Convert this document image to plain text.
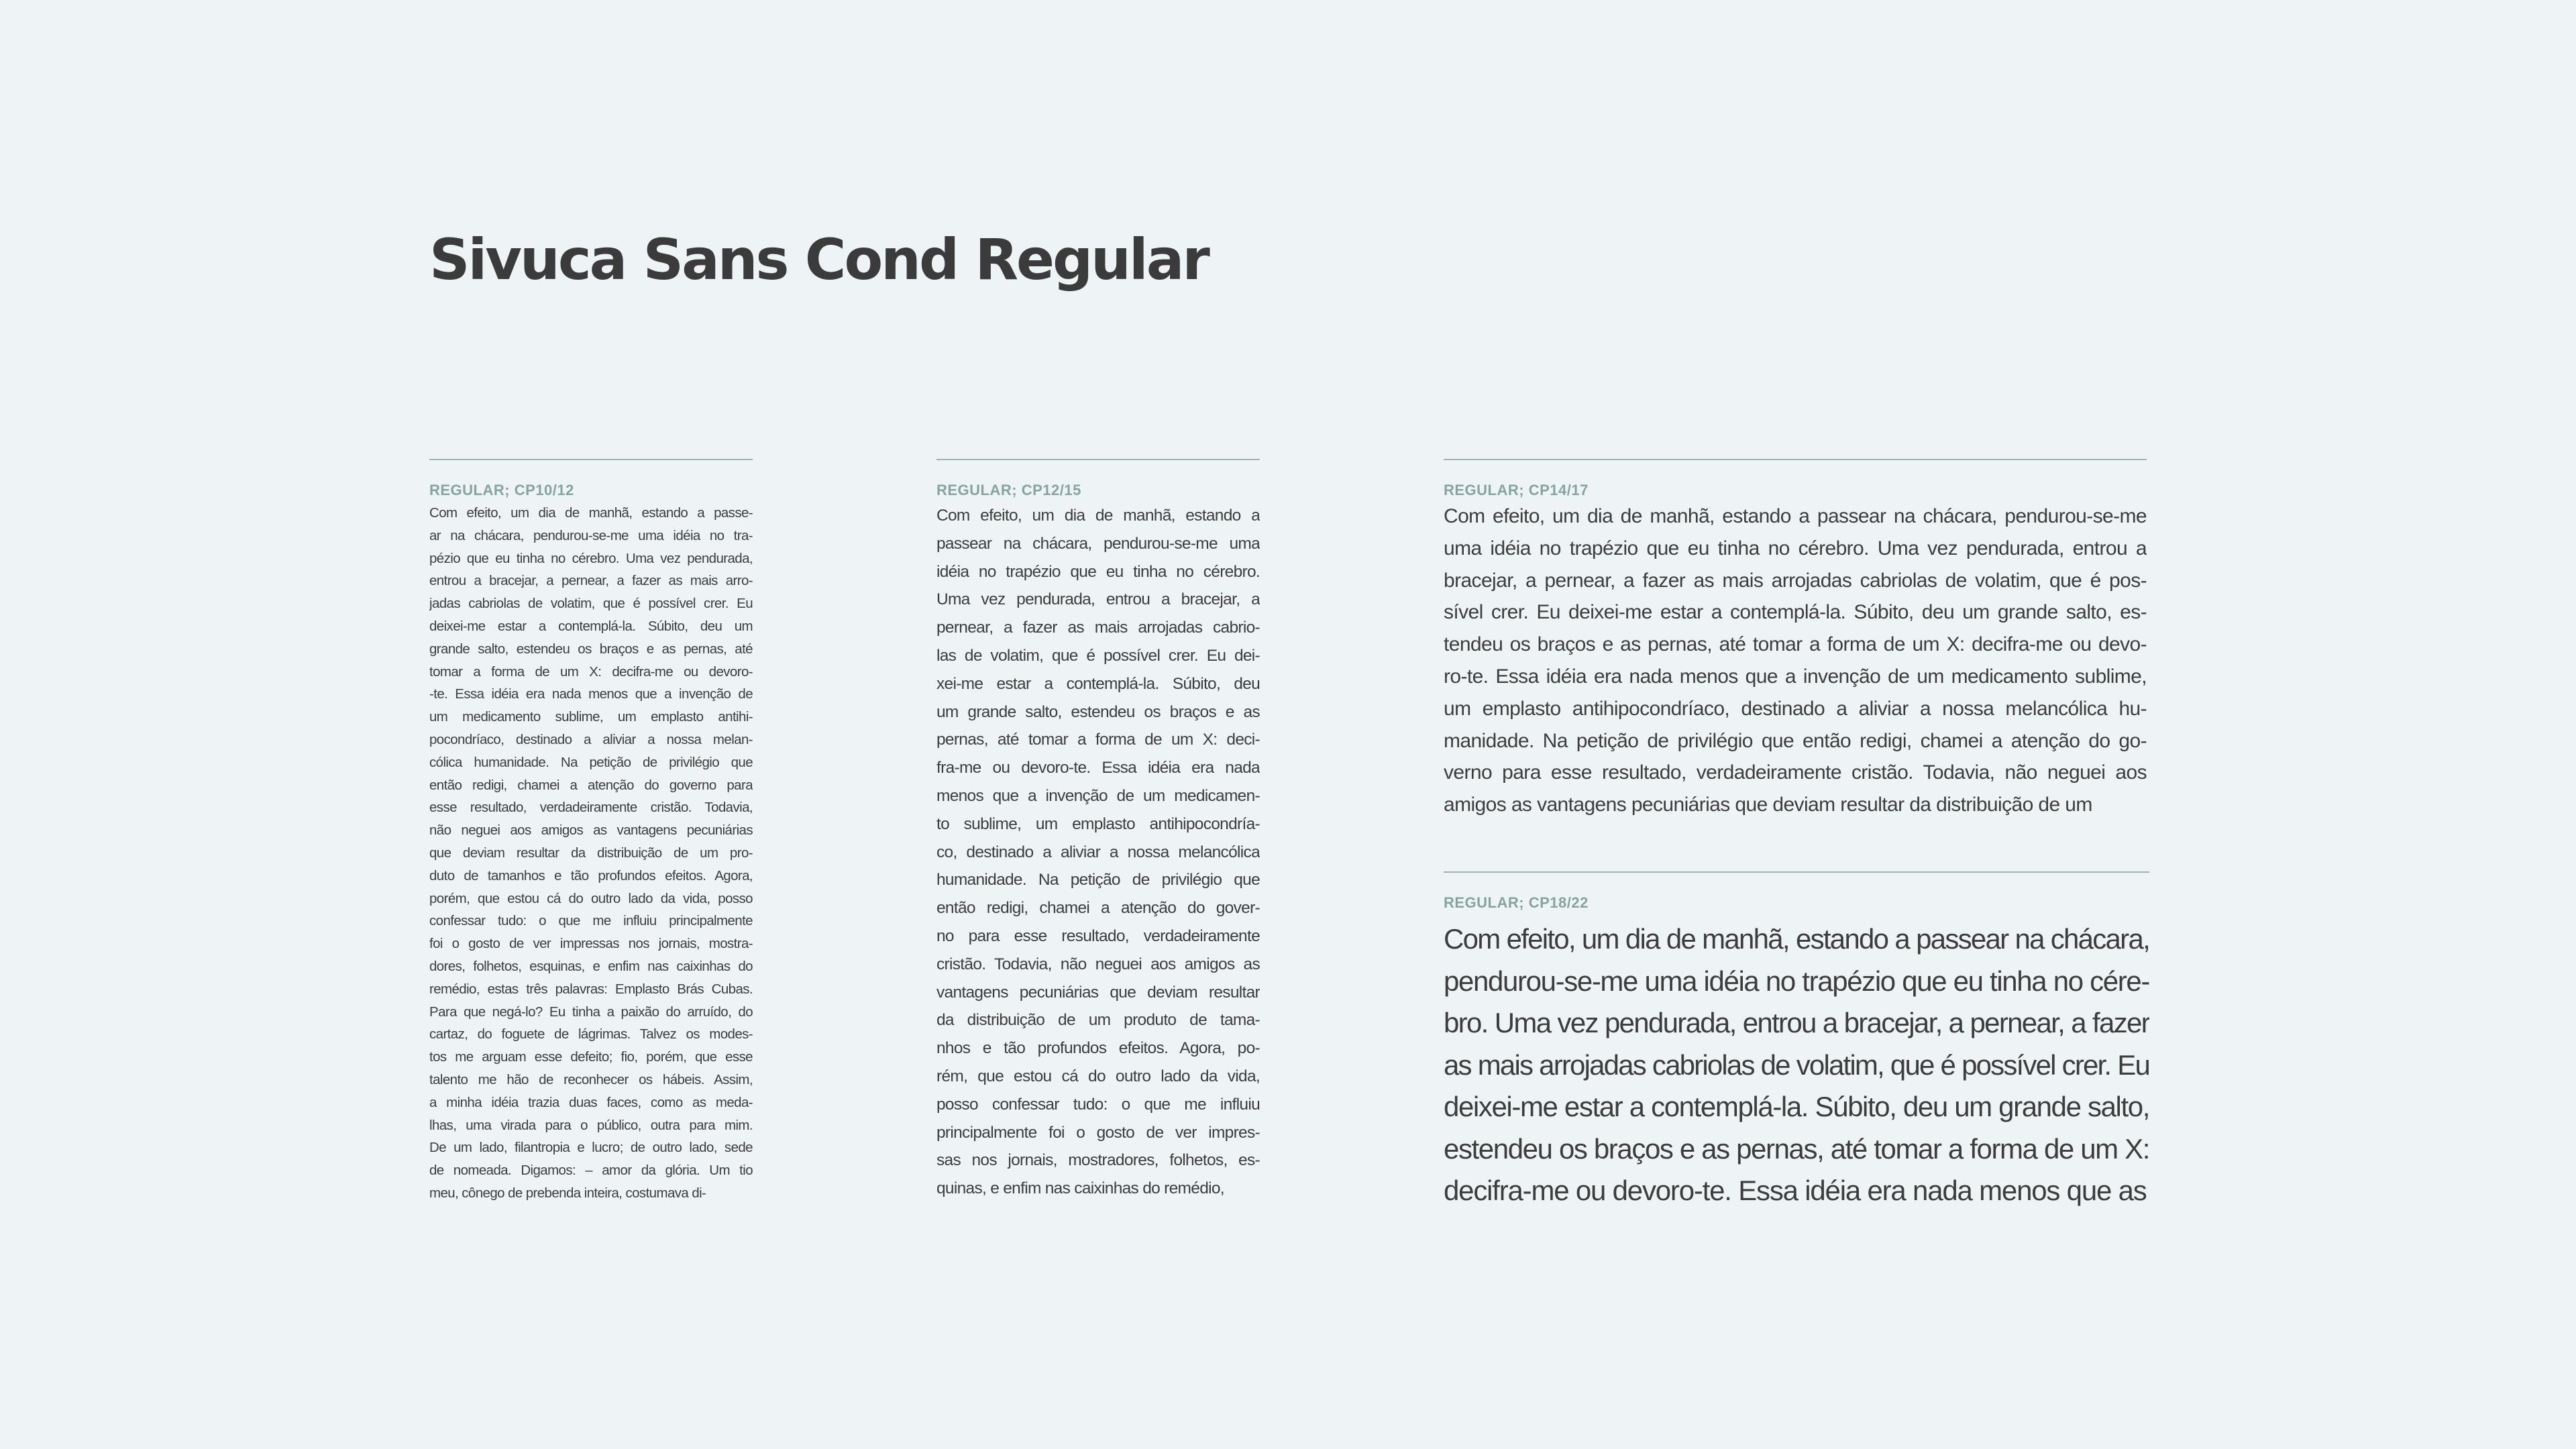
Sivuca Sans Cond Regular
REGULAR; CP10/12
Com efeito, um dia de manhã, estando a passe-
ar na chácara, pendurou-se-me uma idéia no tra-
pézio que eu tinha no cérebro. Uma vez pendurada,
entrou a bracejar, a pernear, a fazer as mais arro-
jadas cabriolas de volatim, que é possível crer. Eu
deixei-me estar a contemplá-la. Súbito, deu um
grande salto, estendeu os braços e as pernas, até
tomar a forma de um X: decifra-me ou devoro-
-te. Essa idéia era nada menos que a invenção de
um medicamento sublime, um emplasto antihi-
pocondríaco, destinado a aliviar a nossa melan-
cólica humanidade. Na petição de privilégio que
então redigi, chamei a atenção do governo para
esse resultado, verdadeiramente cristão. Todavia,
não neguei aos amigos as vantagens pecuniárias
que deviam resultar da distribuição de um pro-
duto de tamanhos e tão profundos efeitos. Agora,
porém, que estou cá do outro lado da vida, posso
confessar tudo: o que me influiu principalmente
foi o gosto de ver impressas nos jornais, mostra-
dores, folhetos, esquinas, e enfim nas caixinhas do
remédio, estas três palavras: Emplasto Brás Cubas.
Para que negá-lo? Eu tinha a paixão do arruído, do
cartaz, do foguete de lágrimas. Talvez os modes-
tos me arguam esse defeito; fio, porém, que esse
talento me hão de reconhecer os hábeis. Assim,
a minha idéia trazia duas faces, como as meda-
lhas, uma virada para o público, outra para mim.
De um lado, filantropia e lucro; de outro lado, sede
de nomeada. Digamos: – amor da glória. Um tio
meu, cônego de prebenda inteira, costumava di-
REGULAR; CP12/15
Com efeito, um dia de manhã, estando a
passear na chácara, pendurou-se-me uma
idéia no trapézio que eu tinha no cérebro.
Uma vez pendurada, entrou a bracejar, a
pernear, a fazer as mais arrojadas cabrio-
las de volatim, que é possível crer. Eu dei-
xei-me estar a contemplá-la. Súbito, deu
um grande salto, estendeu os braços e as
pernas, até tomar a forma de um X: deci-
fra-me ou devoro-te. Essa idéia era nada
menos que a invenção de um medicamen-
to sublime, um emplasto antihipocondría-
co, destinado a aliviar a nossa melancólica
humanidade. Na petição de privilégio que
então redigi, chamei a atenção do gover-
no para esse resultado, verdadeiramente
cristão. Todavia, não neguei aos amigos as
vantagens pecuniárias que deviam resultar
da distribuição de um produto de tama-
nhos e tão profundos efeitos. Agora, po-
rém, que estou cá do outro lado da vida,
posso confessar tudo: o que me influiu
principalmente foi o gosto de ver impres-
sas nos jornais, mostradores, folhetos, es-
quinas, e enfim nas caixinhas do remédio,
REGULAR; CP14/17
Com efeito, um dia de manhã, estando a passear na chácara, pendurou-se-me
uma idéia no trapézio que eu tinha no cérebro. Uma vez pendurada, entrou a
bracejar, a pernear, a fazer as mais arrojadas cabriolas de volatim, que é pos-
sível crer. Eu deixei-me estar a contemplá-la. Súbito, deu um grande salto, es-
tendeu os braços e as pernas, até tomar a forma de um X: decifra-me ou devo-
ro-te. Essa idéia era nada menos que a invenção de um medicamento sublime,
um emplasto antihipocondríaco, destinado a aliviar a nossa melancólica hu-
manidade. Na petição de privilégio que então redigi, chamei a atenção do go-
verno para esse resultado, verdadeiramente cristão. Todavia, não neguei aos
amigos as vantagens pecuniárias que deviam resultar da distribuição de um
REGULAR; CP18/22
Com efeito, um dia de manhã, estando a passear na chácara,
pendurou-se-me uma idéia no trapézio que eu tinha no cére-
bro. Uma vez pendurada, entrou a bracejar, a pernear, a fazer
as mais arrojadas cabriolas de volatim, que é possível crer. Eu
deixei-me estar a contemplá-la. Súbito, deu um grande salto,
estendeu os braços e as pernas, até tomar a forma de um X:
decifra-me ou devoro-te. Essa idéia era nada menos que as
